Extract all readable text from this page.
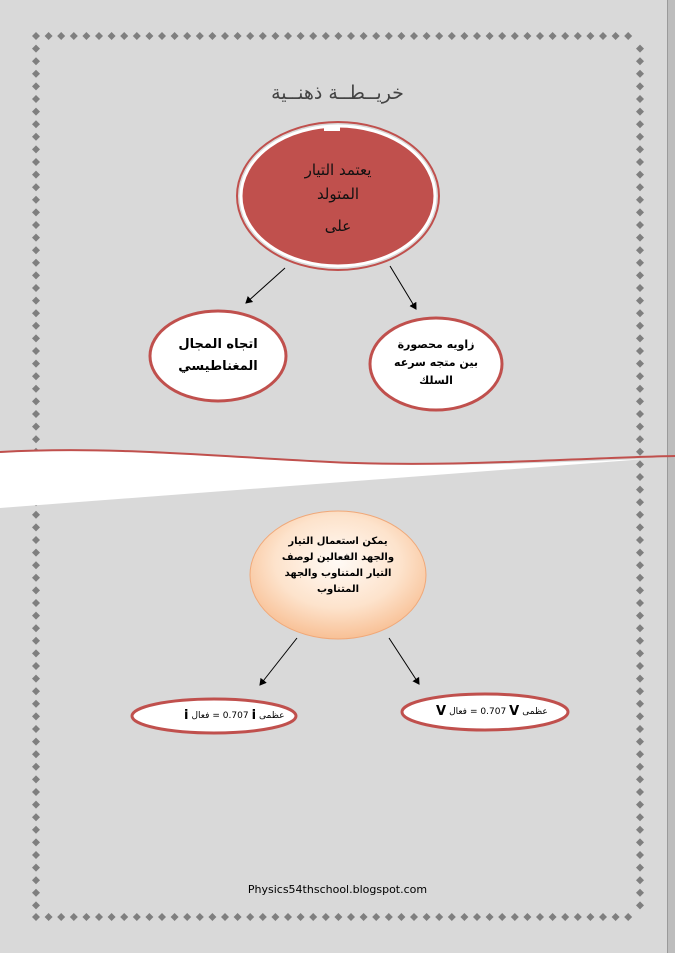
خريــطــة ذهنــية
يعتمد التيار
المتولد
على
اتجاه المجال
المغناطيسي
زاويه محصورة
بين متجه سرعه
السلك
يمكن استعمال التيار
والجهد الفعالين لوصف
التيار المتناوب والجهد
المتناوب
i فعال = 0.707 i عظمى	V فعال = 0.707 V عظمى
Physics54thschool.blogspot.com
